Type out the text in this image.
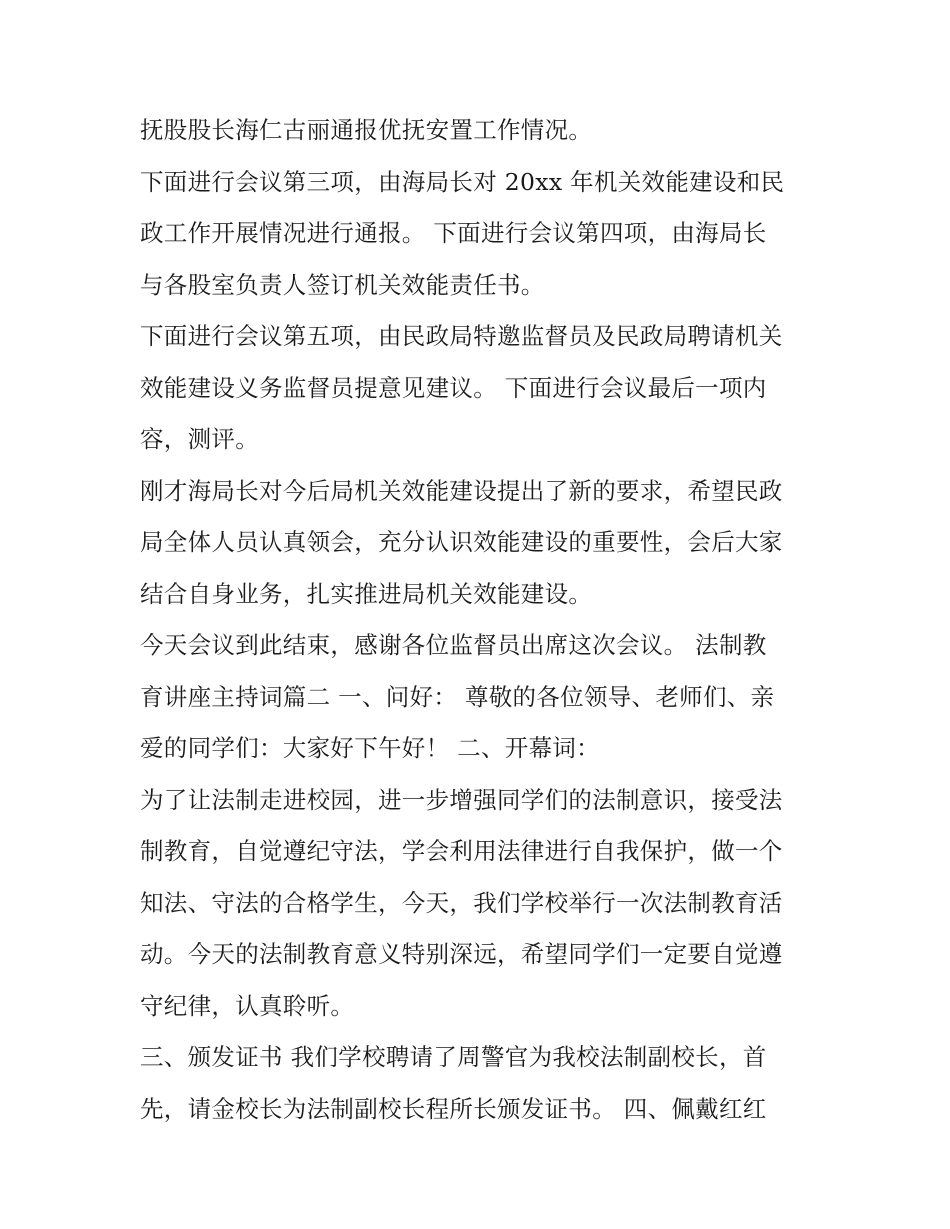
抚股股长海仁古丽通报优抚安置工作情况。
下面进行会议第三项，由海局长对 20xx 年机关效能建设和民
政工作开展情况进行通报。 下面进行会议第四项，由海局长
与各股室负责人签订机关效能责任书。
下面进行会议第五项，由民政局特邀监督员及民政局聘请机关
效能建设义务监督员提意见建议。 下面进行会议最后一项内
容，测评。
刚才海局长对今后局机关效能建设提出了新的要求，希望民政
局全体人员认真领会，充分认识效能建设的重要性，会后大家
结合自身业务，扎实推进局机关效能建设。
今天会议到此结束，感谢各位监督员出席这次会议。 法制教
育讲座主持词篇二 一、问好： 尊敬的各位领导、老师们、亲
爱的同学们：大家好下午好！ 二、开幕词：
为了让法制走进校园，进一步增强同学们的法制意识，接受法
制教育，自觉遵纪守法，学会利用法律进行自我保护，做一个
知法、守法的合格学生，今天，我们学校举行一次法制教育活
动。今天的法制教育意义特别深远，希望同学们一定要自觉遵
守纪律，认真聆听。
三、颁发证书 我们学校聘请了周警官为我校法制副校长，首
先，请金校长为法制副校长程所长颁发证书。 四、佩戴红红
